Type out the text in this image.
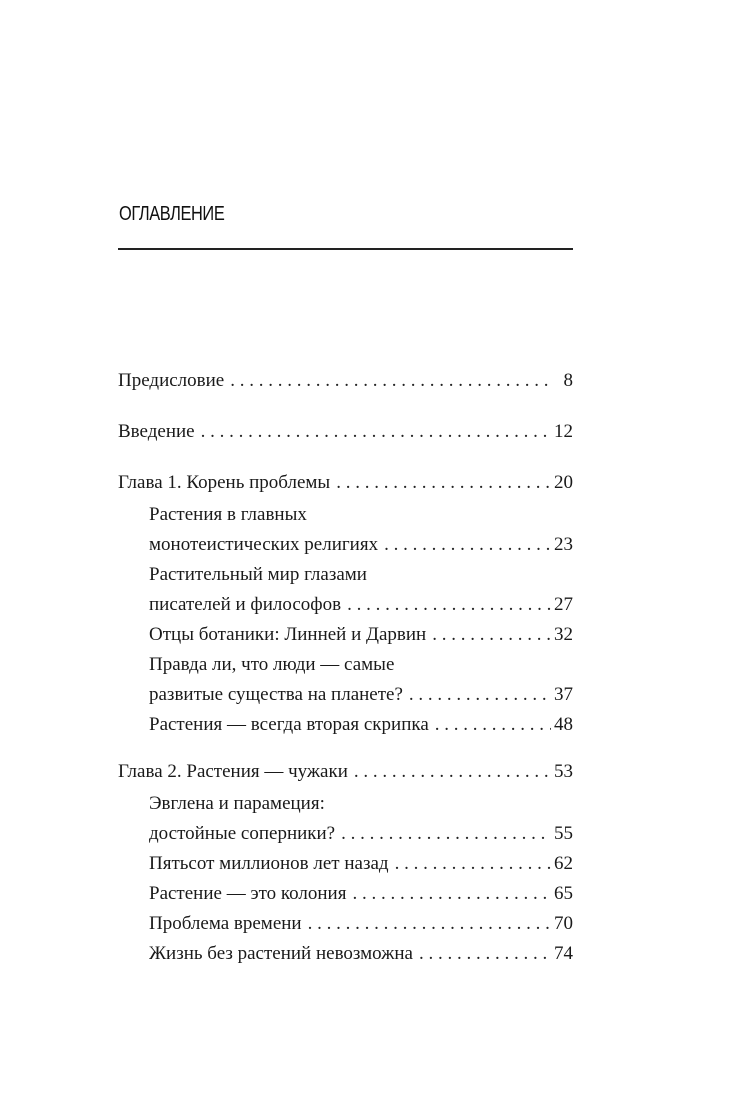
ОГЛАВЛЕНИЕ
Предисловие . . .	8
Введение . . .	12
Глава 1. Корень проблемы . . .	20
Растения в главных
монотеистических религиях . . .	23
Растительный мир глазами
писателей и философов . . .	27
Отцы ботаники: Линней и Дарвин . . .	32
Правда ли, что люди — самые
развитые существа на планете? . . .	37
Растения — всегда вторая скрипка . . .	48
Глава 2. Растения — чужаки . . .	53
Эвглена и парамеция:
достойные соперники? . . .	55
Пятьсот миллионов лет назад . . .	62
Растение — это колония . . .	65
Проблема времени . . .	70
Жизнь без растений невозможна . . .	74
